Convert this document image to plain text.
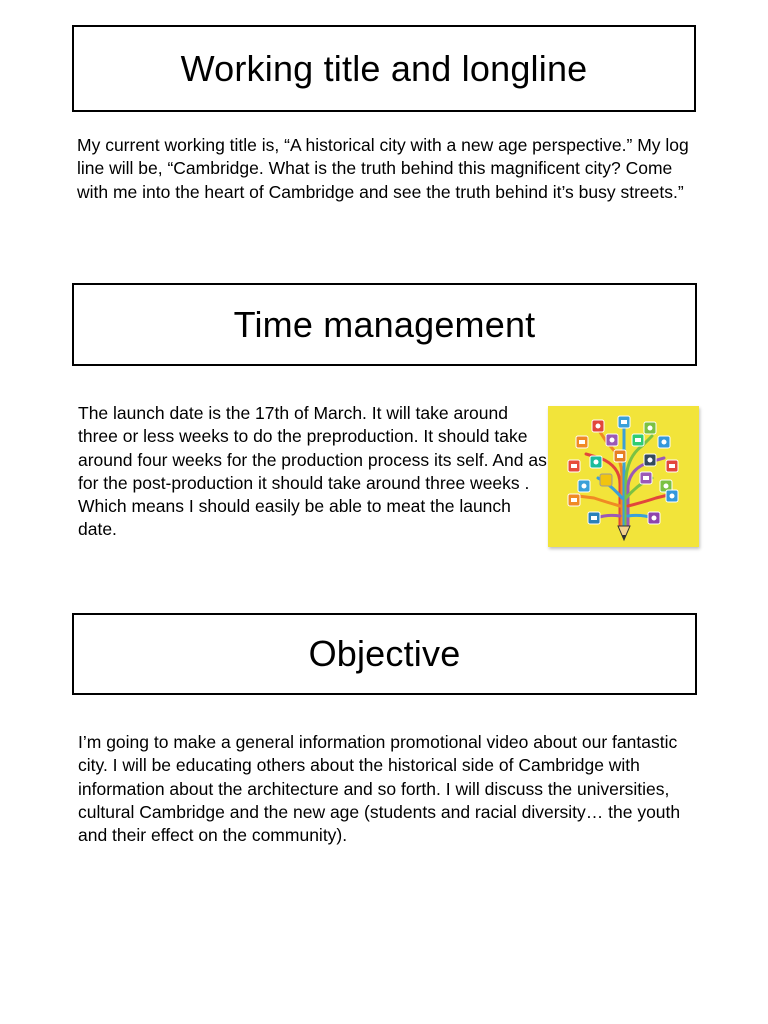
Working title and longline

My current working title is, “A historical city with a new age perspective.” My log line will be, “Cambridge. What is the truth behind this magnificent city? Come with me into the heart of Cambridge and see the truth behind it’s busy streets.”

Time management

The launch date is the 17th of March. It will take around three or less weeks to do the preproduction. It should take around four weeks for the production process its self. And as for the post-production it should take around three weeks . Which means I should easily be able to meat the launch date.

Objective

I’m going to make a general information promotional video about our fantastic city. I will be educating others about the historical side of Cambridge with information about the architecture and so forth. I will discuss the universities, cultural Cambridge and the new age (students and racial diversity… the youth and their effect on the community).
